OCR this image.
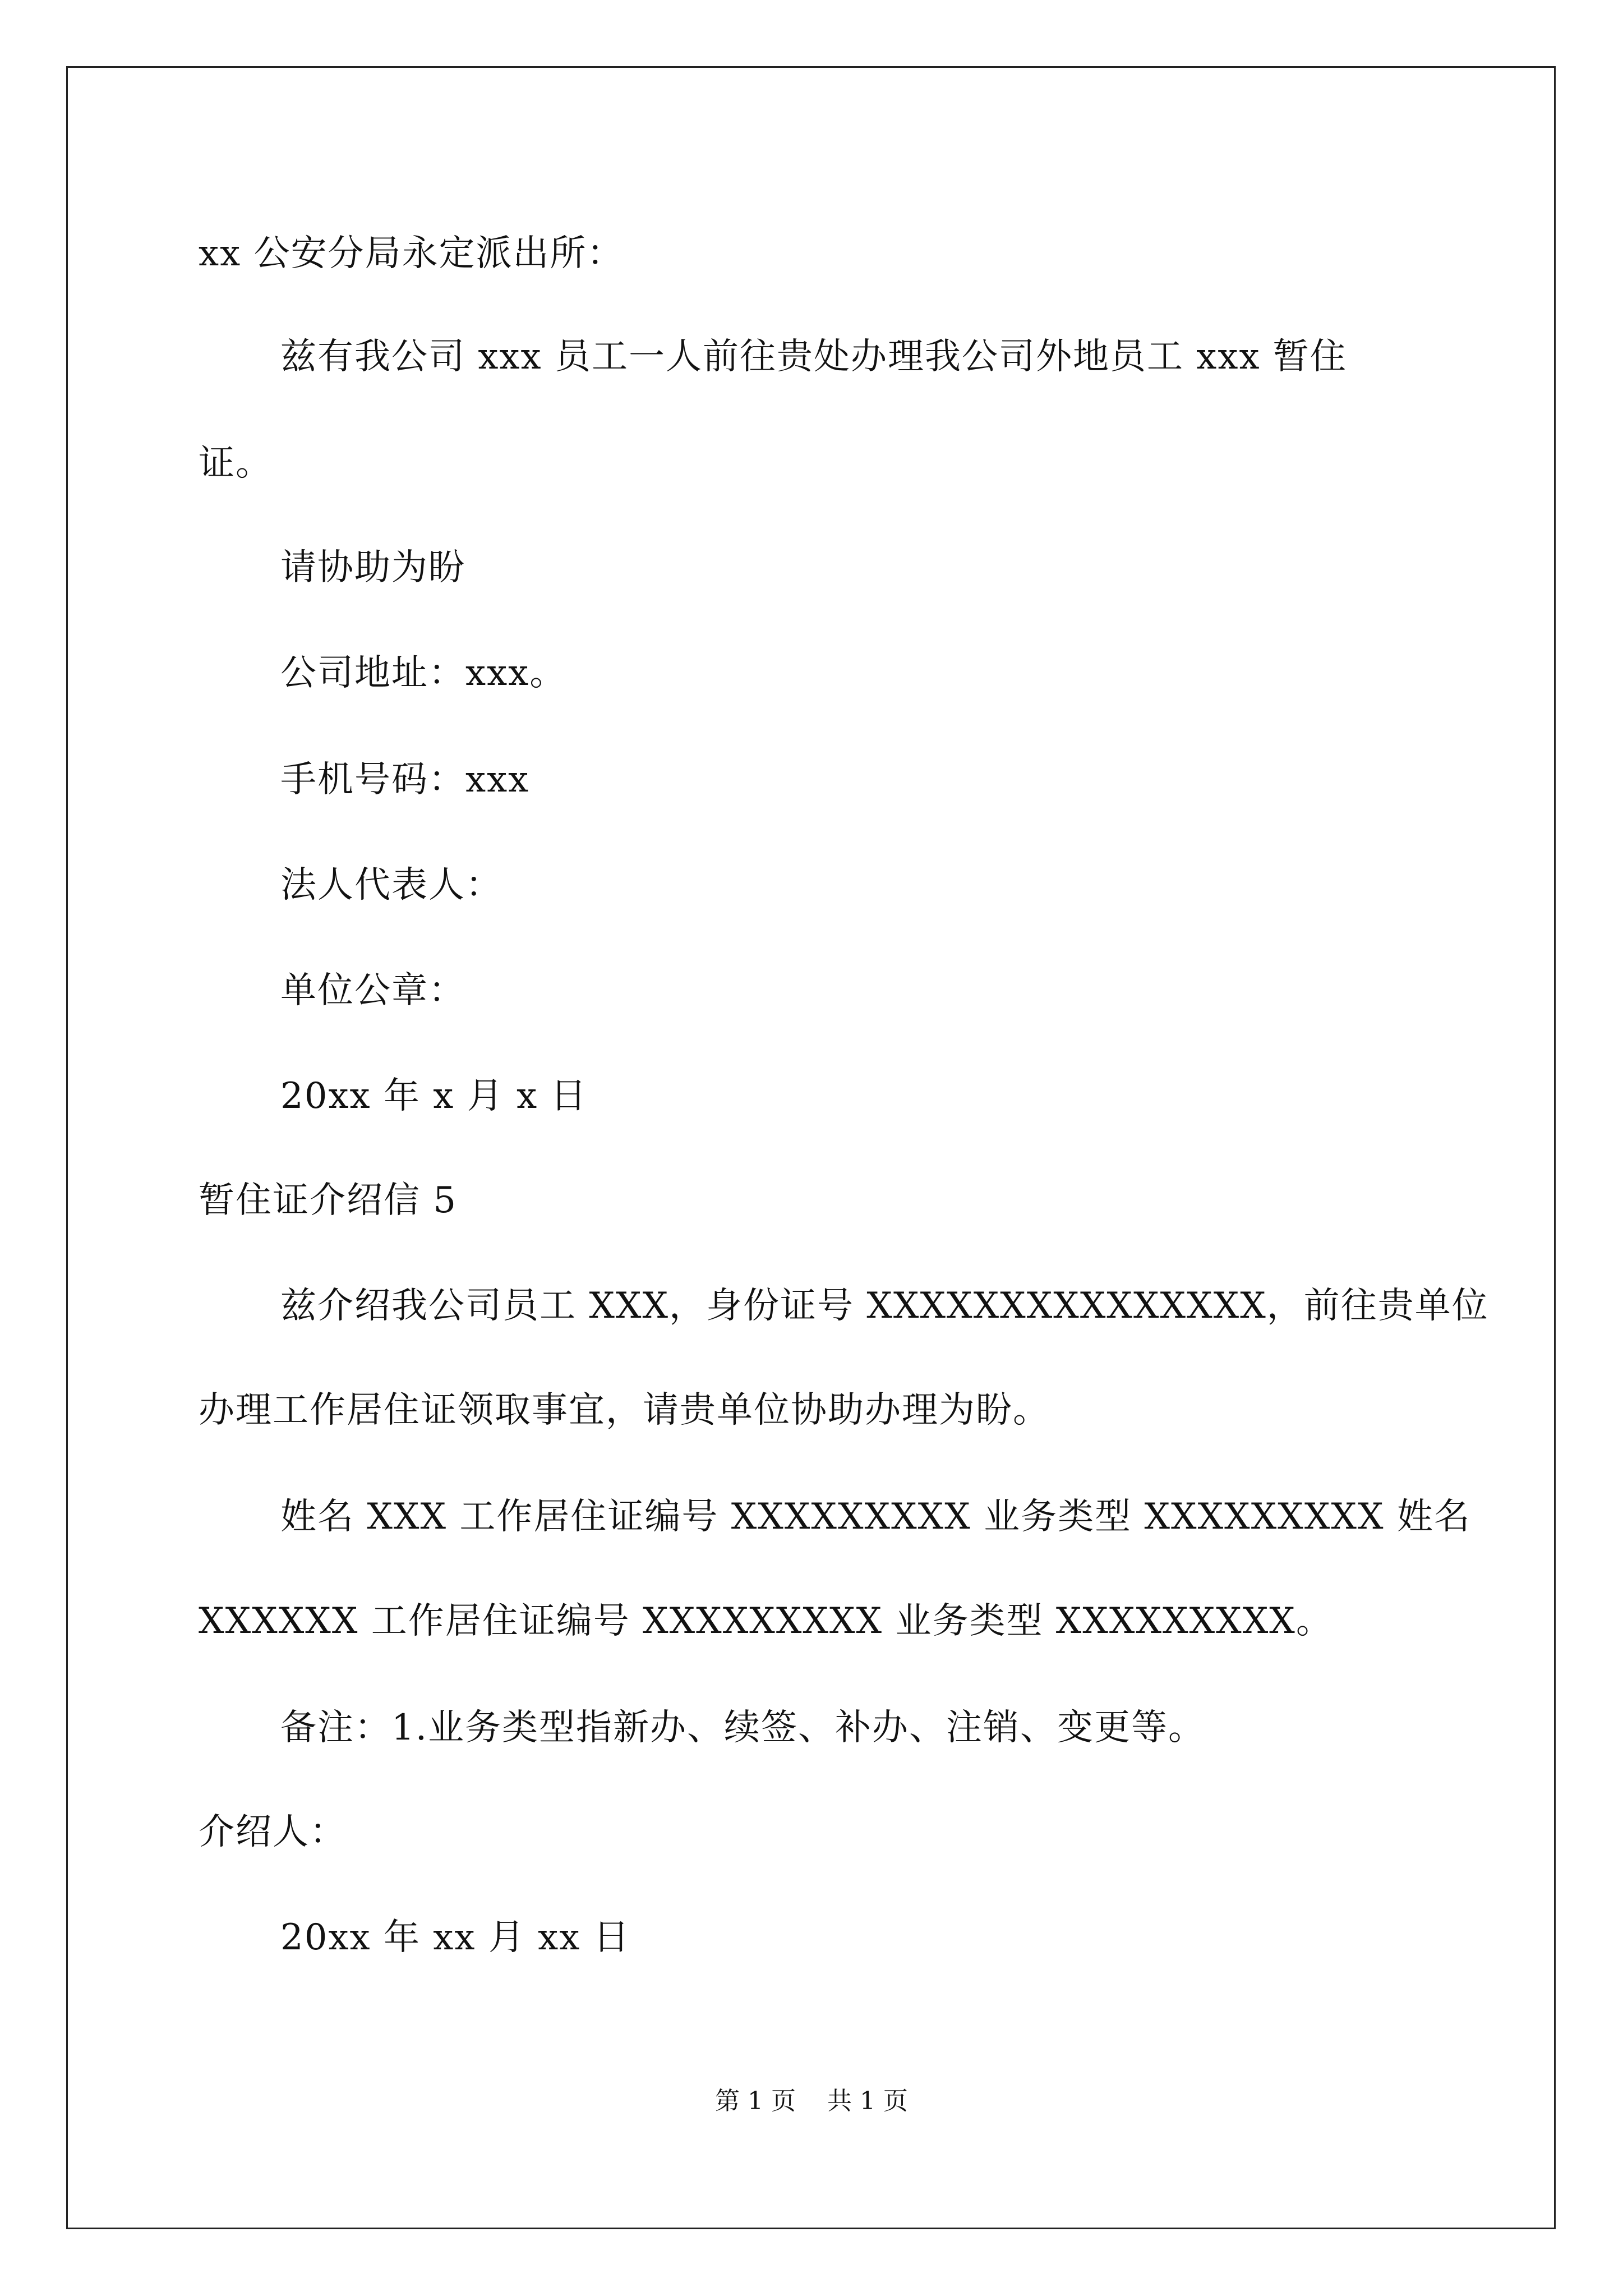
xx 公安分局永定派出所：
兹有我公司 xxx 员工一人前往贵处办理我公司外地员工 xxx 暂住
证。
请协助为盼
公司地址：xxx。
手机号码：xxx
法人代表人：
单位公章：
20xx 年 x 月 x 日
暂住证介绍信 5
兹介绍我公司员工 XXX，身份证号 XXXXXXXXXXXXXXX，前往贵单位
办理工作居住证领取事宜，请贵单位协助办理为盼。
姓名 XXX 工作居住证编号 XXXXXXXXX 业务类型 XXXXXXXXX 姓名
XXXXXX 工作居住证编号 XXXXXXXXX 业务类型 XXXXXXXXX。
备注：1.业务类型指新办、续签、补办、注销、变更等。
介绍人：
20xx 年 xx 月 xx 日
第 1 页    共 1 页
